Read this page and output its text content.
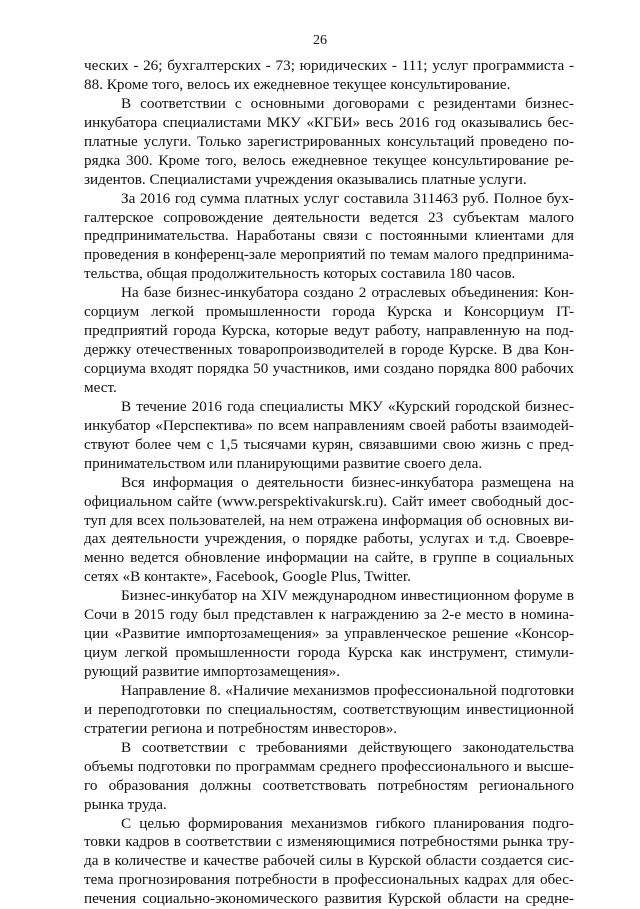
26
ческих - 26; бухгалтерских - 73; юридических - 111; услуг программиста -
88. Кроме того, велось их ежедневное текущее консультирование.
В соответствии с основными договорами с резидентами бизнес-
инкубатора специалистами МКУ «КГБИ» весь 2016 год оказывались бес-
платные услуги. Только зарегистрированных консультаций проведено по-
рядка 300. Кроме того, велось ежедневное текущее консультирование ре-
зидентов. Специалистами учреждения оказывались платные услуги.
За 2016 год сумма платных услуг составила 311463 руб. Полное бух-
галтерское сопровождение деятельности ведется 23 субъектам малого
предпринимательства. Наработаны связи с постоянными клиентами для
проведения в конференц-зале мероприятий по темам малого предпринима-
тельства, общая продолжительность которых составила 180 часов.
На базе бизнес-инкубатора создано 2 отраслевых объединения: Кон-
сорциум легкой промышленности города Курска и Консорциум IT-
предприятий города Курска, которые ведут работу, направленную на под-
держку отечественных товаропроизводителей в городе Курске. В два Кон-
сорциума входят порядка 50 участников, ими создано порядка 800 рабочих
мест.
В течение 2016 года специалисты МКУ «Курский городской бизнес-
инкубатор «Перспектива» по всем направлениям своей работы взаимодей-
ствуют более чем с 1,5 тысячами курян, связавшими свою жизнь с пред-
принимательством или планирующими развитие своего дела.
Вся информация о деятельности бизнес-инкубатора размещена на
официальном сайте (www.perspektivakursk.ru). Сайт имеет свободный дос-
туп для всех пользователей, на нем отражена информация об основных ви-
дах деятельности учреждения, о порядке работы, услугах и т.д. Своевре-
менно ведется обновление информации на сайте, в группе в социальных
сетях «В контакте», Facebook, Google Plus, Twitter.
Бизнес-инкубатор на XIV международном инвестиционном форуме в
Сочи в 2015 году был представлен к награждению за 2-е место в номина-
ции «Развитие импортозамещения» за управленческое решение «Консор-
циум легкой промышленности города Курска как инструмент, стимули-
рующий развитие импортозамещения».
Направление 8. «Наличие механизмов профессиональной подготовки
и переподготовки по специальностям, соответствующим инвестиционной
стратегии региона и потребностям инвесторов».
В соответствии с требованиями действующего законодательства
объемы подготовки по программам среднего профессионального и высше-
го образования должны соответствовать потребностям регионального
рынка труда.
С целью формирования механизмов гибкого планирования подго-
товки кадров в соответствии с изменяющимися потребностями рынка тру-
да в количестве и качестве рабочей силы в Курской области создается сис-
тема прогнозирования потребности в профессиональных кадрах для обес-
печения социально-экономического развития Курской области на средне-
